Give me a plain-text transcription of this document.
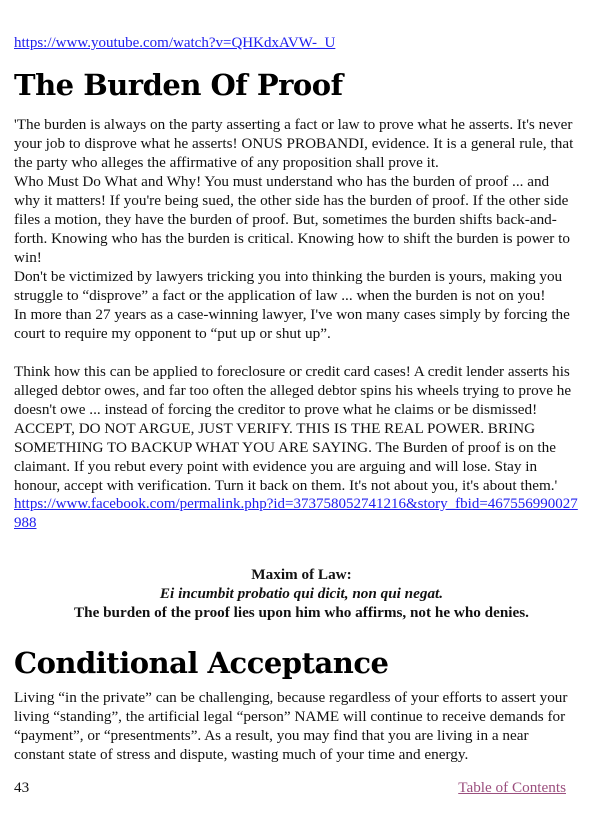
https://www.youtube.com/watch?v=QHKdxAVW-_U
The Burden Of Proof

'The burden is always on the party asserting a fact or law to prove what he asserts. It's never your job to disprove what he asserts! ONUS PROBANDI, evidence. It is a general rule, that the party who alleges the affirmative of any proposition shall prove it.

Who Must Do What and Why! You must understand who has the burden of proof ... and why it matters! If you're being sued, the other side has the burden of proof. If the other side files a motion, they have the burden of proof. But, sometimes the burden shifts back-and-forth. Knowing who has the burden is critical. Knowing how to shift the burden is power to win!

Don't be victimized by lawyers tricking you into thinking the burden is yours, making you struggle to “disprove” a fact or the application of law ... when the burden is not on you!

In more than 27 years as a case-winning lawyer, I've won many cases simply by forcing the court to require my opponent to “put up or shut up”.

Think how this can be applied to foreclosure or credit card cases! A credit lender asserts his alleged debtor owes, and far too often the alleged debtor spins his wheels trying to prove he doesn't owe ... instead of forcing the creditor to prove what he claims or be dismissed!

ACCEPT, DO NOT ARGUE, JUST VERIFY. THIS IS THE REAL POWER. BRING SOMETHING TO BACKUP WHAT YOU ARE SAYING. The Burden of proof is on the claimant. If you rebut every point with evidence you are arguing and will lose. Stay in honour, accept with verification. Turn it back on them. It's not about you, it's about them.'

https://www.facebook.com/permalink.php?id=373758052741216&story_fbid=467556990027988
Maxim of Law:
Ei incumbit probatio qui dicit, non qui negat.
The burden of the proof lies upon him who affirms, not he who denies.
Conditional Acceptance

Living “in the private” can be challenging, because regardless of your efforts to assert your living “standing”, the artificial legal “person” NAME will continue to receive demands for “payment”, or “presentments”. As a result, you may find that you are living in a near constant state of stress and dispute, wasting much of your time and energy.

43	Table of Contents
